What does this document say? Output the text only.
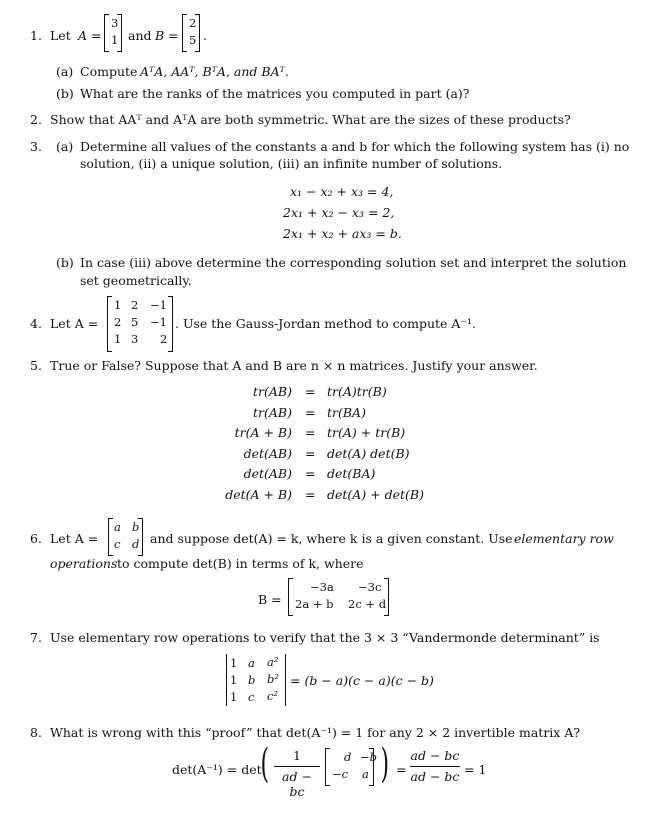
1. Let A =
3
1 and B =
2
5 .
(a) Compute AᵀA, AAᵀ, BᵀA, and BAᵀ.
(b) What are the ranks of the matrices you computed in part (a)?
2. Show that AAᵀ and AᵀA are both symmetric. What are the sizes of these products?
3. (a) Determine all values of the constants a and b for which the following system has (i) no
solution, (ii) a unique solution, (iii) an infinite number of solutions.
x₁ − x₂ + x₃ = 4,
2x₁ + x₂ − x₃ = 2,
2x₁ + x₂ + ax₃ = b.
(b) In case (iii) above determine the corresponding solution set and interpret the solution
set geometrically.
4. Let A =
1 2 −1
2 5 −1
1 3 2
. Use the Gauss-Jordan method to compute A⁻¹.
5. True or False? Suppose that A and B are n × n matrices. Justify your answer.
tr(AB) = tr(A)tr(B)
tr(AB) = tr(BA)
tr(A + B) = tr(A) + tr(B)
det(AB) = det(A) det(B)
det(AB) = det(BA)
det(A + B) = det(A) + det(B)
6. Let A =
a b
c d and suppose det(A) = k, where k is a given constant. Use elementary row
operations to compute det(B) in terms of k, where
B =
−3a −3c
2a + b 2c + d
7. Use elementary row operations to verify that the 3 × 3 “Vandermonde determinant” is
1 a a²
1 b b²
1 c c²
= (b − a)(c − a)(c − b)
8. What is wrong with this “proof” that det(A⁻¹) = 1 for any 2 × 2 invertible matrix A?
det(A⁻¹) = det
(	1
ad − bc
d −b
−c a ) =
ad − bc
ad − bc = 1
